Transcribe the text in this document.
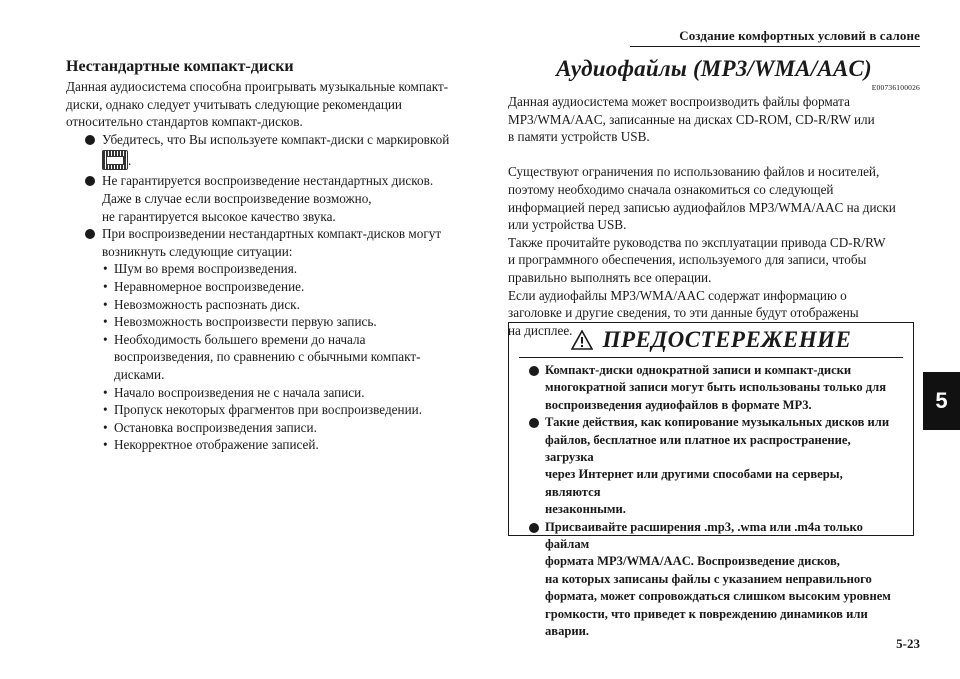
Создание комфортных условий в салоне
5
5-23
Нестандартные компакт-диски

Данная аудиосистема способна проигрывать музыкальные компакт-

диски, однако следует учитывать следующие рекомендации

относительно стандартов компакт-дисков.

Убедитесь, что Вы используете компакт-диски с маркировкой

.

Не гарантируется воспроизведение нестандартных дисков.

Даже в случае если воспроизведение возможно,

не гарантируется высокое качество звука.

При воспроизведении нестандартных компакт-дисков могут

возникнуть следующие ситуации:

• Шум во время воспроизведения.
• Неравномерное воспроизведение.
• Невозможность распознать диск.
• Невозможность воспроизвести первую запись.
• Необходимость большего времени до начала
воспроизведения, по сравнению с обычными компакт-
дисками.
• Начало воспроизведения не с начала записи.
• Пропуск некоторых фрагментов при воспроизведении.
• Остановка воспроизведения записи.
• Некорректное отображение записей.
Аудиофайлы (MP3/WMA/AAC)
E00736100026

Данная аудиосистема может воспроизводить файлы формата

MP3/WMA/AAC, записанные на дисках CD-ROM, CD-R/RW или

в памяти устройств USB.

Существуют ограничения по использованию файлов и носителей,

поэтому необходимо сначала ознакомиться со следующей

информацией перед записью аудиофайлов MP3/WMA/AAC на диски

или устройства USB.

Также прочитайте руководства по эксплуатации привода CD-R/RW

и программного обеспечения, используемого для записи, чтобы

правильно выполнять все операции.

Если аудиофайлы MP3/WMA/AAC содержат информацию о

заголовке и другие сведения, то эти данные будут отображены

на дисплее.	ПРЕДОСТЕРЕЖЕНИЕ
Компакт-диски однократной записи и компакт-диски
многократной записи могут быть использованы только для
воспроизведения аудиофайлов в формате MP3.
Такие действия, как копирование музыкальных дисков или
файлов, бесплатное или платное их распространение, загрузка
через Интернет или другими способами на серверы, являются
незаконными.
Присваивайте расширения .mp3, .wma или .m4a только файлам
формата MP3/WMA/AAC. Воспроизведение дисков,
на которых записаны файлы с указанием неправильного
формата, может сопровождаться слишком высоким уровнем
громкости, что приведет к повреждению динамиков или аварии.
